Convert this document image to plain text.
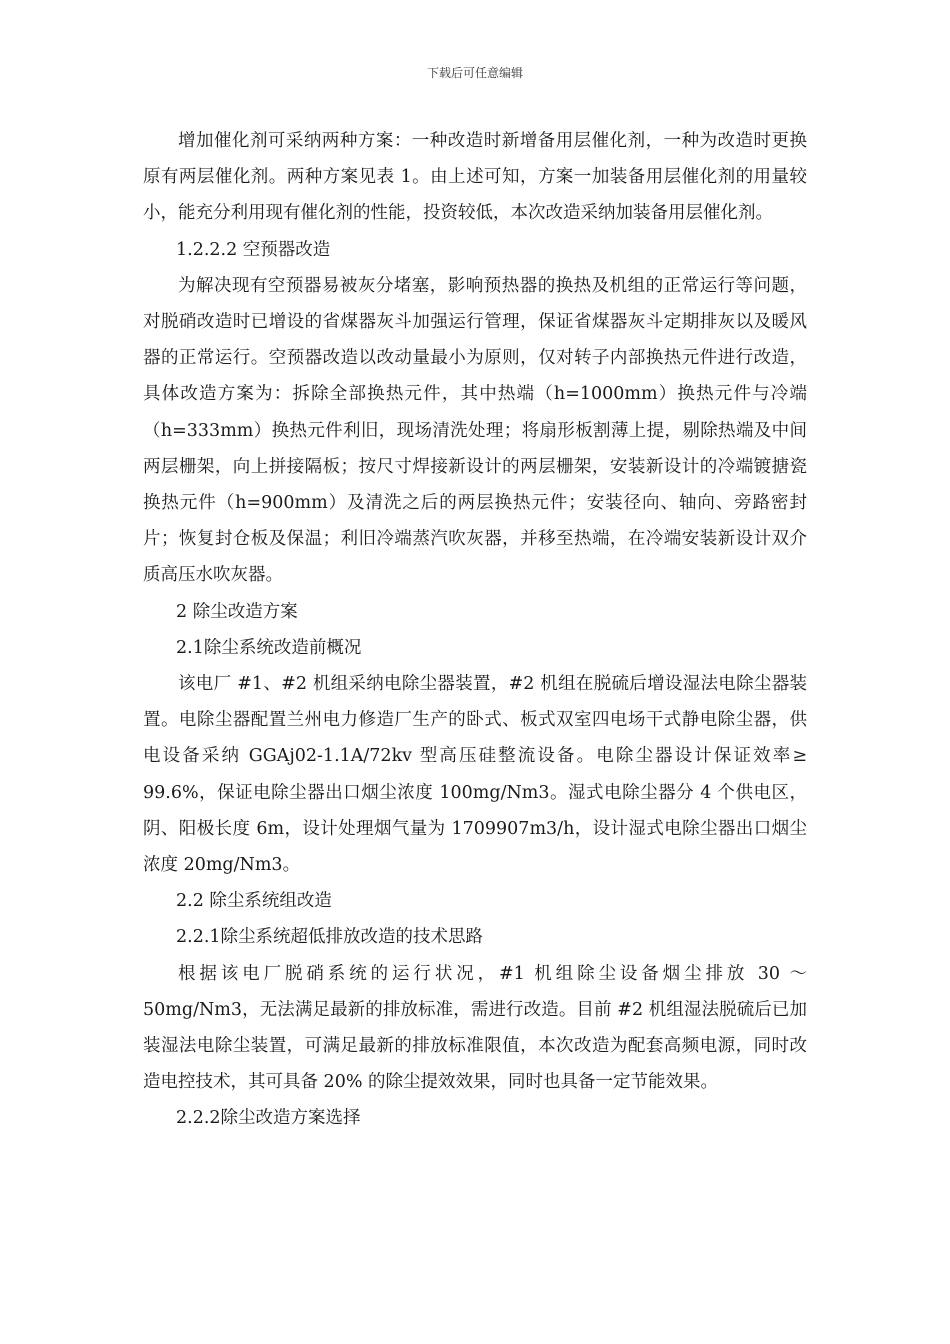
下载后可任意编辑

增加催化剂可采纳两种方案：一种改造时新增备用层催化剂，一种为改造时更换原有两层催化剂。两种方案见表 1。由上述可知，方案一加装备用层催化剂的用量较小，能充分利用现有催化剂的性能，投资较低，本次改造采纳加装备用层催化剂。

1.2.2.2 空预器改造

为解决现有空预器易被灰分堵塞，影响预热器的换热及机组的正常运行等问题，对脱硝改造时已增设的省煤器灰斗加强运行管理，保证省煤器灰斗定期排灰以及暖风器的正常运行。空预器改造以改动量最小为原则，仅对转子内部换热元件进行改造，具体改造方案为：拆除全部换热元件，其中热端（h=1000mm）换热元件与冷端（h=333mm）换热元件利旧，现场清洗处理；将扇形板割薄上提，剔除热端及中间两层栅架，向上拼接隔板；按尺寸焊接新设计的两层栅架，安装新设计的冷端镀搪瓷换热元件（h=900mm）及清洗之后的两层换热元件；安装径向、轴向、旁路密封片；恢复封仓板及保温；利旧冷端蒸汽吹灰器，并移至热端，在冷端安装新设计双介质高压水吹灰器。

2 除尘改造方案

2.1除尘系统改造前概况

该电厂 #1、#2 机组采纳电除尘器装置，#2 机组在脱硫后增设湿法电除尘器装置。电除尘器配置兰州电力修造厂生产的卧式、板式双室四电场干式静电除尘器，供电设备采纳 GGAj02-1.1A/72kv 型高压硅整流设备。电除尘器设计保证效率≥ 99.6%，保证电除尘器出口烟尘浓度 100mg/Nm3。湿式电除尘器分 4 个供电区，阴、阳极长度 6m，设计处理烟气量为 1709907m3/h，设计湿式电除尘器出口烟尘浓度 20mg/Nm3。

2.2 除尘系统组改造

2.2.1除尘系统超低排放改造的技术思路

根据该电厂脱硝系统的运行状况，#1 机组除尘设备烟尘排放 30 ～50mg/Nm3，无法满足最新的排放标准，需进行改造。目前 #2 机组湿法脱硫后已加装湿法电除尘装置，可满足最新的排放标准限值，本次改造为配套高频电源，同时改造电控技术，其可具备 20% 的除尘提效效果，同时也具备一定节能效果。

2.2.2除尘改造方案选择
